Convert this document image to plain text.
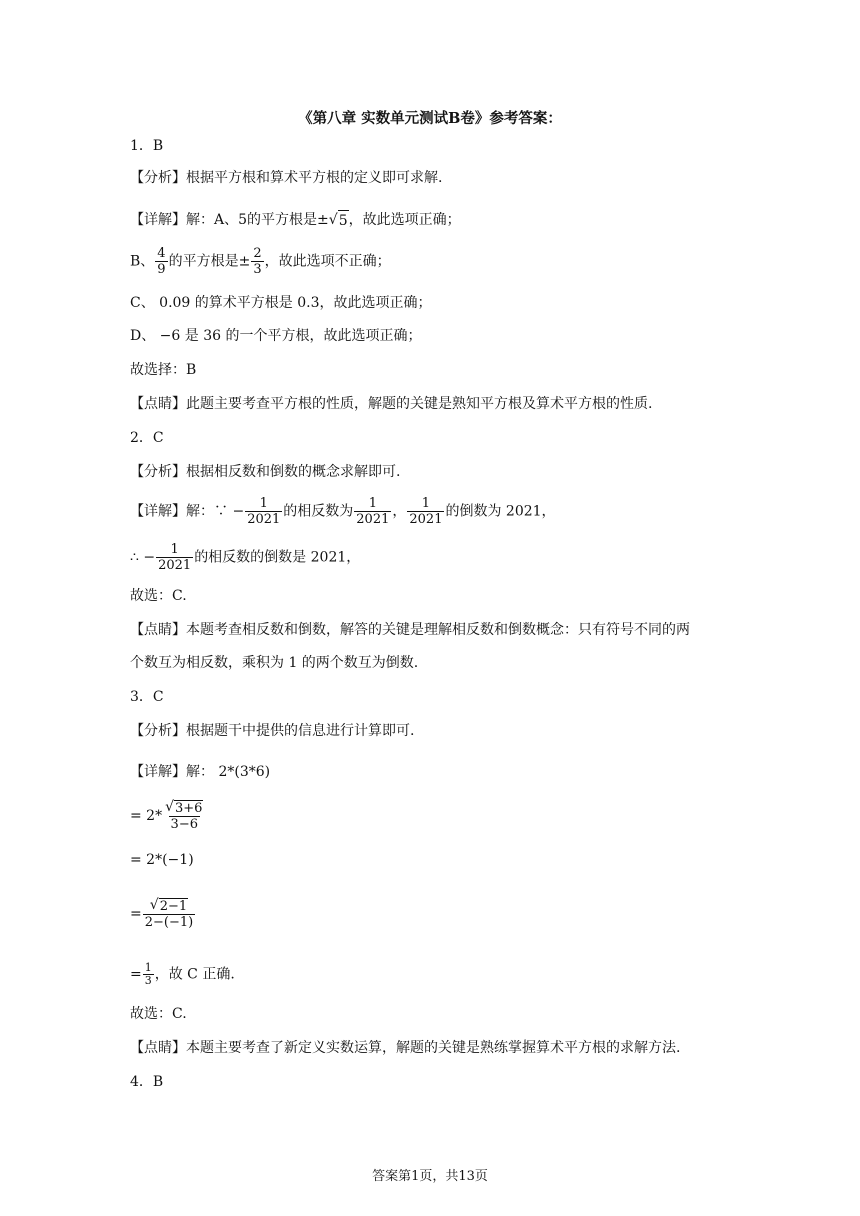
《第八章 实数单元测试B卷》参考答案：
1．B
【分析】根据平方根和算术平方根的定义即可求解.
【详解】解：A、5的平方根是± √ 5 ，故此选项正确；
B、 $\frac{4}{9}$ 的平方根是± $\frac{2}{3}$ ，故此选项不正确；
C、 0.09 的算术平方根是 0.3，故此选项正确；
D、 −6 是 36 的一个平方根，故此选项正确；
故选择：B
【点睛】此题主要考查平方根的性质，解题的关键是熟知平方根及算术平方根的性质.
2．C
【分析】根据相反数和倒数的概念求解即可.
【详解】解：∵ − $\frac{1}{2021}$ 的相反数为 $\frac{1}{2021}$ ， $\frac{1}{2021}$ 的倒数为 2021，
∴ − $\frac{1}{2021}$ 的相反数的倒数是 2021，
故选：C.
【点睛】本题考查相反数和倒数，解答的关键是理解相反数和倒数概念：只有符号不同的两
个数互为相反数，乘积为 1 的两个数互为倒数.
3．C
【分析】根据题干中提供的信息进行计算即可.
【详解】解： 2*(3*6)
= $2* \frac{√ 3+6}{3-6}$
= 2*(−1)
= $\frac{√ 2-1}{2-(-1)}$
= $\frac{1}{3}$ ，故 C 正确.
故选：C.
【点睛】本题主要考查了新定义实数运算，解题的关键是熟练掌握算术平方根的求解方法.
4．B
答案第1页，共13页
